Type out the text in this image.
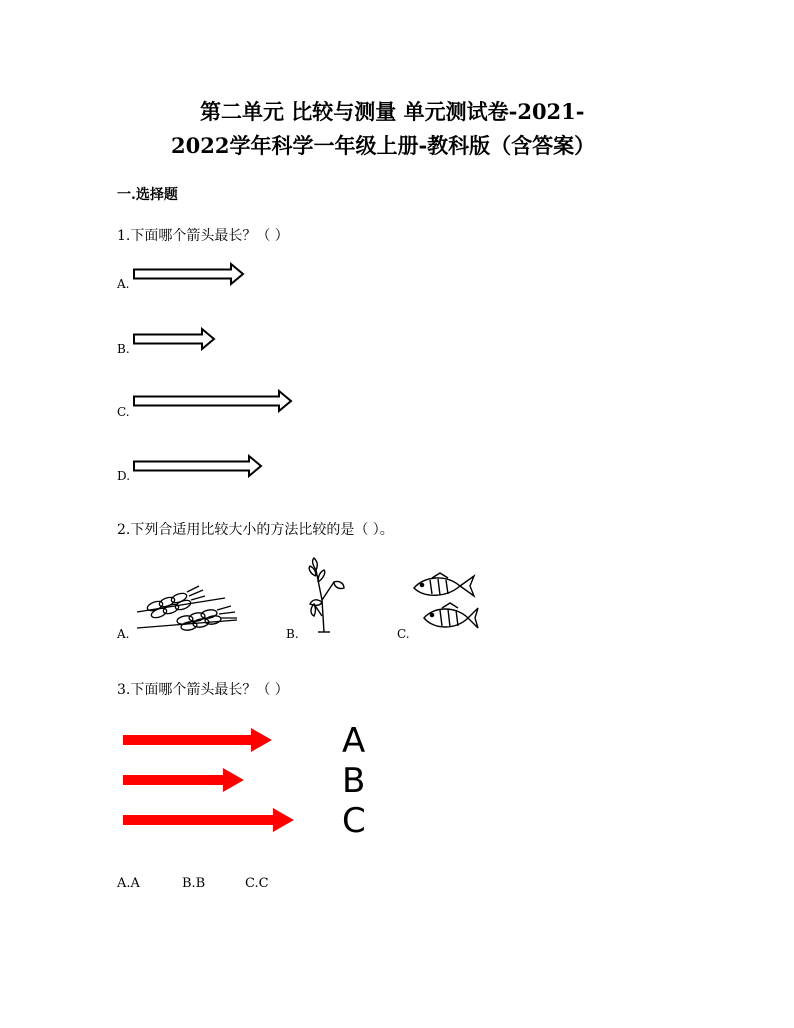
第二单元 比较与测量 单元测试卷-2021-
2022学年科学一年级上册-教科版（含答案）
一.选择题
1.下面哪个箭头最长？（ ）
A.
B.
C.
D.
2.下列合适用比较大小的方法比较的是（ ）。
A.	B.	C.
3.下面哪个箭头最长？（ ）
A
B
C
A.A	B.B	C.C
